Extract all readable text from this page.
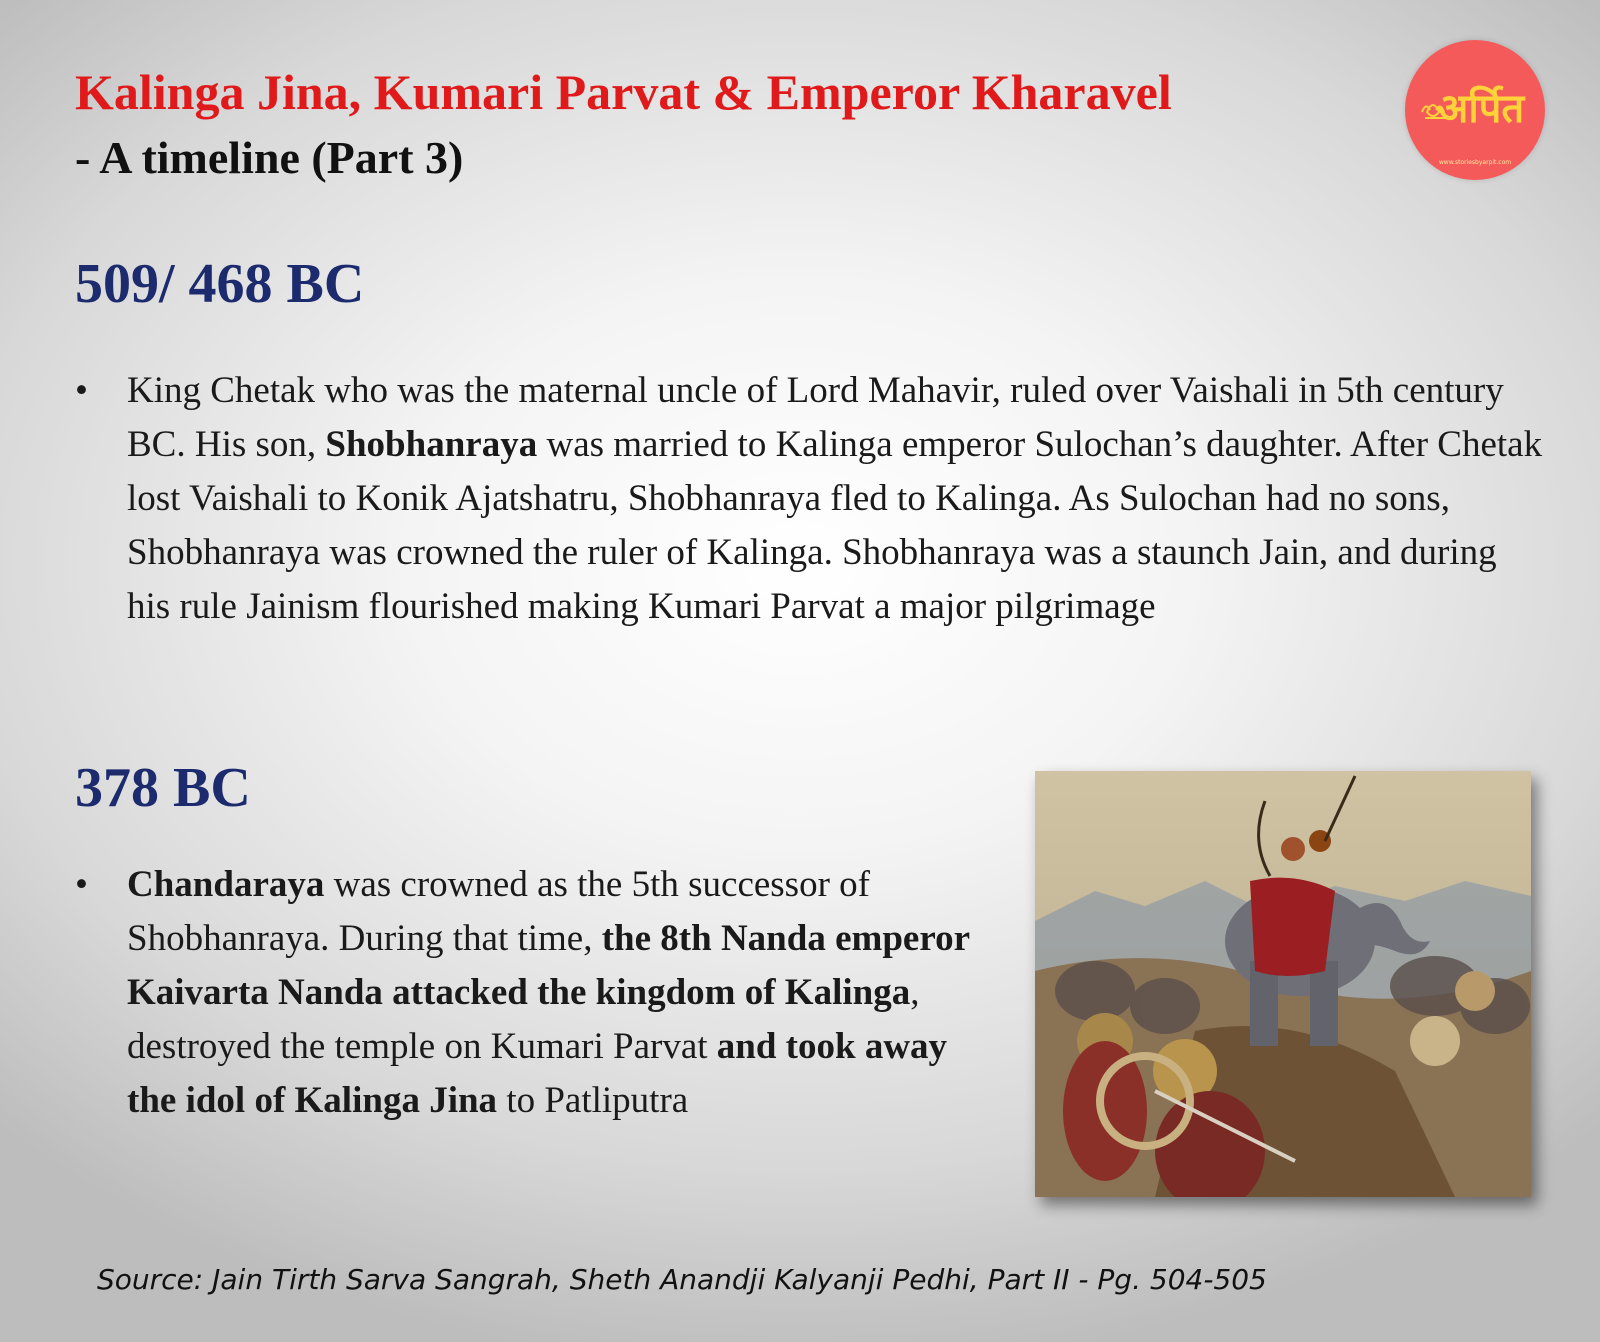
Kalinga Jina, Kumari Parvat & Emperor Kharavel
- A timeline (Part 3)
अर्पित
www.storiesbyarpit.com
509/ 468 BC

• King Chetak who was the maternal uncle of Lord Mahavir, ruled over Vaishali in 5th century BC. His son, Shobhanraya was married to Kalinga emperor Sulochan’s daughter. After Chetak lost Vaishali to Konik Ajatshatru, Shobhanraya fled to Kalinga. As Sulochan had no sons, Shobhanraya was crowned the ruler of Kalinga. Shobhanraya was a staunch Jain, and during his rule Jainism flourished making Kumari Parvat a major pilgrimage

378 BC

• Chandaraya was crowned as the 5th successor of Shobhanraya. During that time, the 8th Nanda emperor Kaivarta Nanda attacked the kingdom of Kalinga, destroyed the temple on Kumari Parvat and took away the idol of Kalinga Jina to Patliputra

Source: Jain Tirth Sarva Sangrah, Sheth Anandji Kalyanji Pedhi, Part II - Pg. 504-505
